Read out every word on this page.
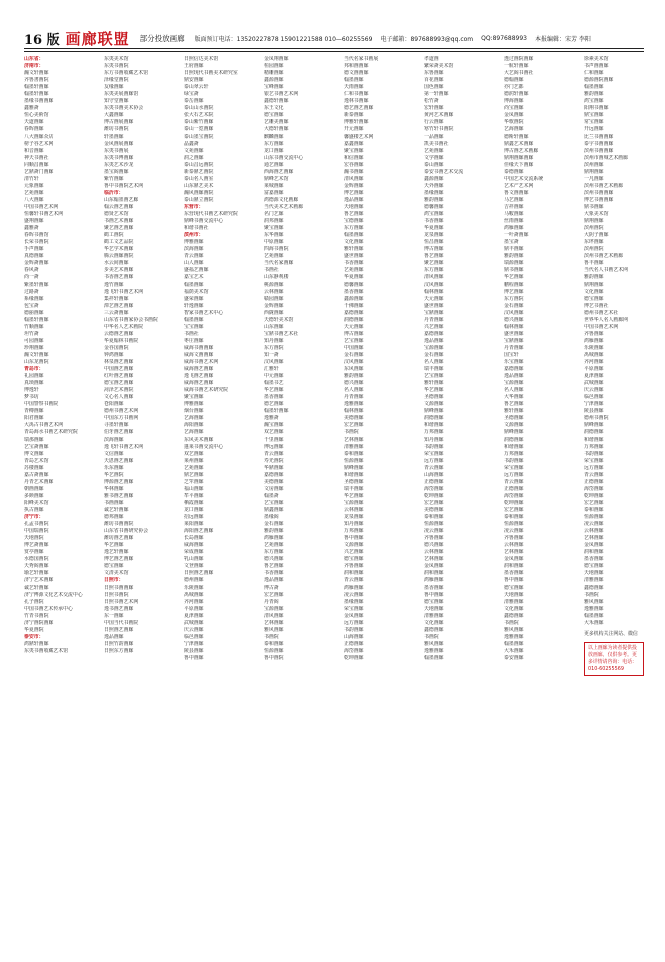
16 版 画廊联盟 部分投放画廊 版面预订电话：13520227878 15901221588 010—60255569 电子邮箱：897688993@qq.com QQ:897688993 本报编辑：宋芳 李阳
山东省：
济南市：
瀚文轩画廊
齐鲁書画院
翰墨轩画廊
翰墨轩画廊
墨缘书画画廊
鑫雅斋
恒心美術馆
天道画廊
春晖画廊
八大画廊众店
榜子谷艺术网
和音画廊
神天书画社
同顺昌画廊
艺鼎斋门画廊
清竹轩
元象画廊
艺苑画廊
八大画廊
中国书画艺术网
恒馨轩书画艺术网
盛翔画廊
鑫雅斋
春晖书画馆
长荣书画院
手声画廊
真德画廊
金辉斋画廊
春风斋
尚一斋
紫墨轩画廊
过路斋
系缘画廊
包宝斋
德丽画廊
翰墨轩画廊
竹顺画廊
坦竹斋
可园画廊
珍翔画廊
瀚文轩画廊
山东龙画院
青岛市：
礼园画廊
真琐画廊
博逸轩
梦书坊
中国警察书画院
青樽画廊
阳君画廊
大禹古书画艺术网
青岛海水书画艺术研究院
瑞那画廊
艺宝斋画廊
博文画廊
青岛艺术馆
苏楼画廊
嘉古斋画廊
丹青艺术画廊
朝画画廊
多颜画廊
阳峰美术馆
执古画廊
济宁市：
孔孟书画院
中国瑞画院
天地画院
博艺斋画廊
赏亭画廊
水德国画院
天秀阁画廊
瑜艺轩画廊
济宁艺术画廊
诚艺轩画廊
济宁博源文化艺术交流中心
孔子画院
中国书画艺术传承中心
竹青书画院
济宁画院画廊
华夏画院
泰安市：
鸿鼎轩画廊
东夷书画收藏艺术馆
东夷美术馆
东夷书画院
东方书画收藏艺术馆
泽缘堂画院
友缘画廊
东夷美展画廊馆
知守堂画廊
东夷书画美术协会
大鑫画廊
博古画展画廊
潍坊书画院
轩墨画廊
金风画展画廊
东夷书画展
东夷书博画廊
东夷艺术沙龙
墨宝阁画廊
紫竹画廊
鲁中书画院艺术网
临沂市：
山东翰墨画艺廊
翰云画艺画廊
德贤艺术馆
书画艺术画廊
聚艺画艺画廊
鹤工画院
鹤工文艺品院
华艺学术画廊
腾云画廊画院
水云间画廊
步美艺术画廊
书香画艺画廊
逸竹画廊
逸飞轩书画艺术网
集祥轩画廊
潭艺画艺画廊
三云斋画廊
山东省书画家协会书画院
中华名人艺术画院
云德画艺画廊
华夏翰林书画院
金谷国画院
钟鸿画廊
林泉画艺画廊
中国画艺画廊
红叶画艺画廊
德宝画艺画廊
菏泽艺术画院
文心名人画廊
苍阳画廊
德州书画艺术网
中国东方书画网
寻墨轩画廊
伯牙画艺画廊
滨海画廊
逸飞轩书画艺术网
文信画廊
天恩画艺画廊
乐东画廊
华艺画院
博源画艺画廊
华林画廊
雅书画艺画廊
书画画廊
诚艺轩画廊
德邦画廊
潍坊书画画院
山东省书画研究协会
潍坊画艺画廊
华艺画廊
逸艺轩画廊
博艺画艺画廊
德宝画廊
文清美术馆
日照市：
日照书画画廊
日照书画院
日照书画艺术网
逸书画艺画廊
东一画廊
中国当代书画院
日照画艺画廊
逸品画廊
日照竹韵画廊
日照东方画廊
日照信达美术馆
王府画廊
日照现代书画美术研究室
鼎安画廊
泰山翠云轩
绿宝斋
泰岳画廊
泰山山水画院
张大石艺术院
泰山紫竹画廊
泰山一览画廊
泰山墨宝画院
晶鑫斋
文苑画廊
润之画廊
泰山昌远画院
新泰鼎艺画院
泰山名人画室
山东鼎艺美术
瀚风画廊画院
泰山鼎立画院
东营市：
东营现代书画艺术研究院
鼎峰书画交流中心
和谐书画社
滨州市：
博雅画廊
滨海画廊
青云画廊
山人画廊
盛福艺画廊
嘉宝艺术
翰墨画廊
福荫美术馆
盛荣画廊
轩逸画廊
智家书画艺术中心
翰墨画廊
宝宝画廊
书画社
枣庄画廊
威海书画画廊
威海文画画廊
威海书画艺术网
威海画艺画廊
逸飞画艺画廊
威海画艺画廊
威海书画艺术研究院
聚宝画廊
博雅画廊
烟台画廊
艺海画廊
海阳画廊
艺海画廊
东风美术画廊
蓬莱书画交流中心
双艺画廊
莱州画廊
艺苑画廊
鼎艺画廊
芝罘画廊
福山画廊
牟平画廊
栖霞画廊
龙口画廊
招远画廊
莱阳画廊
海阳画艺画廊
长岛画廊
威海画廊
荣成画廊
乳山画廊
文登画廊
日照画艺画廊
德州画廊
乐陵画廊
禹城画廊
齐河画廊
平原画廊
夏津画廊
武城画廊
庆云画廊
临邑画廊
宁津画廊
陵县画廊
鲁中画廊
金凤翔画廊
桓园画廊
精雕画廊
鑫源画廊
宝峰画廊
银艺书画艺术网
鑫德轩画廊
东王文化
德宝画廊
艺雕美画廊
大德轩画廊
麒麟画廊
东方画廊
龙口画廊
山东书画交流中心
通艺画廊
西海画艺画廊
鼎峰艺术馆
莱城画廊
富嘉画廊
鸿德源文化画廊
当代美术艺术画廊
名门艺廊
润邦画廊
聚宝画廊
东华画廊
中原画廊
四海书画院
艺苑画廊
当代名家画廊
书画社
山东静观楼
桃源画廊
云林画廊
赣园画廊
金辉画廊
西陇画廊
天德轩美术馆
山东画廊
宝鼎书画艺术社
知丹画廊
东方画院
知一斋
汉风画廊
汇雅轩
中元画廊
翰墨书艺
华艺画廊
墨香画廊
德艺画廊
翰墨轩画廊
逸雅斋
瀚宝画廊
双艺画廊
千里画廊
博远画廊
青云画廊
寿光画院
华鼎画廊
嘉德画廊
美德画廊
文房画廊
翰墨斋
艺宝画廊
鼎鑫画廊
墨缘阁
金石画廊
雅韵画廊
鸿雁画廊
艺苑画廊
东方画廊
德兴画廊
鲁艺画廊
书香画廊
逸品画廊
博古斋
宏艺画廊
丹青阁
宝源画廊
清风画廊
艺林画廊
雅风画廊
书画院
泰和画廊
恒源画廊
鲁中画院
当代名家书画展
邦和画画廊
德文画画廊
翰墨画廊
天雨画廊
仁和书画廊
逸林书画廊
德艺画艺画廊
新泰画廊
博雅轩画廊
开元画廊
馨盛楼艺术网
嘉鑫画廊
聚宝画廊
和信画廊
宏谷画廊
瀚书画廊
清风画廊
金辉画廊
博艺画廊
逸品画廊
天地画廊
鲁艺画廊
宝德画廊
东方画廊
翰墨画廊
文化画廊
雅轩画廊
盛世画廊
书香画廊
艺苑画廊
华夏画廊
德馨画廊
墨香画廊
鑫源画廊
千佛画廊
嘉德画廊
润德画廊
天元画廊
博古画廊
艺宝画廊
中国画廊
金石画廊
汉风画廊
东风画廊
雅韵画廊
德兴画廊
名人画廊
丹青画廊
逸雅画廊
翰林画廊
美德画廊
宏艺画廊
书画院
艺林画廊
清雅画廊
泰和画廊
恒源画廊
鼎峰画廊
和谐画廊
圣德画廊
瑞丰画廊
华艺画廊
宝源画廊
云林画廊
龙泉画廊
知丹画廊
万邦画廊
鲁中画廊
文源画廊
兴艺画廊
德宝画廊
齐鲁画廊
润和画廊
青云画廊
鸿雁画廊
凌云画廊
墨缘画廊
荣宝画廊
金凤画廊
远方画廊
书韵画廊
山海画廊
正德画廊
海岱画廊
乾坤画廊
孝道画
繁荣斋美术馆
东鲁画廊
百花画廊
国色画廊
第一轩画廊
松竹斋
宏轩画廊
黄河艺术画廊
行云画廊
寒竹轩书画院
一品画廊
凯美书画社
艺苑画廊
文学画廊
泰山画廊
泰安书画艺术交流
鑫源画廊
天外画廊
墨缘画廊
雅韵画廊
德馨画廊
鸿宝画廊
书香画廊
华夏画廊
龙泉画廊
恒昌画廊
博古画廊
鲁艺画廊
聚艺画廊
东方画廊
清风画廊
汉风画廊
翰林画廊
天元画廊
盛世画廊
宝鼎画廊
丹青画廊
兴艺画廊
嘉德画廊
逸品画廊
宝源画廊
金石画廊
名人画廊
瑞丰画廊
艺宝画廊
雅轩画廊
华艺画廊
圣德画廊
文源画廊
鼎峰画廊
润德画廊
和谐画廊
万邦画廊
知丹画廊
书韵画廊
荣宝画廊
远方画廊
青云画廊
山海画廊
正德画廊
海岱画廊
乾坤画廊
宏艺画廊
美德画廊
泰和画廊
恒源画廊
凌云画廊
齐鲁画廊
德兴画廊
云林画廊
艺林画廊
金凤画廊
润和画廊
鸿雁画廊
墨香画廊
鲁中画廊
德宝画廊
天地画廊
清雅画廊
文化画廊
鑫德画廊
书画院
雅风画廊
逸雅画廊
翰墨画廊
透过画院画廊
一航轩画廊
大艺阁书画社
德翰画廊
亦门艺都
德润轩画廊
博海画廊
尚宝画廊
金凤画廊
华歌画院
艺海画廊
德斯轩画廊
鼎鑫艺术画廊
博古画艺术画廊
鼎翔画廊画廊
佳缘天下画廊
泰德画廊
中国艺术交流系统
艺术产艺术网
鲁文画画廊
马艺画廊
吉祥画廊
马鞍画廊
丝雨画廊
鸿雁画廊
一叶斋画廊
墨宝斋
鼎丰画廊
雅韵画廊
瑞源画廊
鼎书画廊
华艺画廊
鹏程画廊
博艺画廊
东方画院
金石画廊
汉风画廊
德兴画廊
翰林画廊
盛世画廊
宝鼎画廊
丹青画廊
国宝轩
乐宝画廊
嘉德画廊
逸品画廊
宝源画廊
名人画廊
大华画廊
鲁艺画廊
雅轩画廊
圣德画廊
文源画廊
鼎峰画廊
润德画廊
和谐画廊
万邦画廊
书韵画廊
荣宝画廊
远方画廊
青云画廊
正德画廊
海岱画廊
乾坤画廊
宏艺画廊
泰和画廊
恒源画廊
凌云画廊
齐鲁画廊
云林画廊
艺林画廊
金凤画廊
润和画廊
墨香画廊
鲁中画廊
德宝画廊
天地画廊
清雅画廊
文化画廊
鑫德画廊
书画院
雅风画廊
逸雅画廊
翰墨画廊
大禾画廊
泰安画廊
徐素美术馆
书声画画廊
仁和画廊
德源画院画廊
翰墨画廊
雅韵画廊
鸿宝画廊
阳翔书画廊
鼎宝画廊
常宝画廊
开远画廊
比兰书画画廊
泰宇书画画廊
滨州书画画廊
滨州市画城艺术画廊
滨州画廊
鼎翔画廊
一凡画廊
滨州书画艺术画廊
滨州书画画廊
博艺书画画廊
鼎书画廊
大象美术馆
鼎翔画廊
滨州画院
大阴子画廊
东坪画廊
滨州画院
滨州书画艺术画廊
鲁丰画廊
当代名人书画艺术网
雅韵画廊
鼎翔画廊
文化画廊
德宝画廊
博艺书画社
德州书画艺术社
世界华人名人画廊网
中国书画艺术网
齐鲁画廊
鸿雁画廊
乐陵画廊
禹城画廊
齐河画廊
平原画廊
夏津画廊
武城画廊
庆云画廊
临邑画廊
宁津画廊
陵县画廊
德州书画院
鼎峰画廊
润德画廊
和谐画廊
万邦画廊
书韵画廊
荣宝画廊
远方画廊
青云画廊
正德画廊
海岱画廊
乾坤画廊
宏艺画廊
泰和画廊
恒源画廊
凌云画廊
云林画廊
艺林画廊
金凤画廊
润和画廊
墨香画廊
德宝画廊
天地画廊
清雅画廊
鑫德画廊
书画院
雅风画廊
逸雅画廊
翰墨画廊
大禾画廊
更多机构关注网站、微信
以上画廊为读者提供投放画廊，仅供参考。更多详情请咨询：电话：010-60255569
